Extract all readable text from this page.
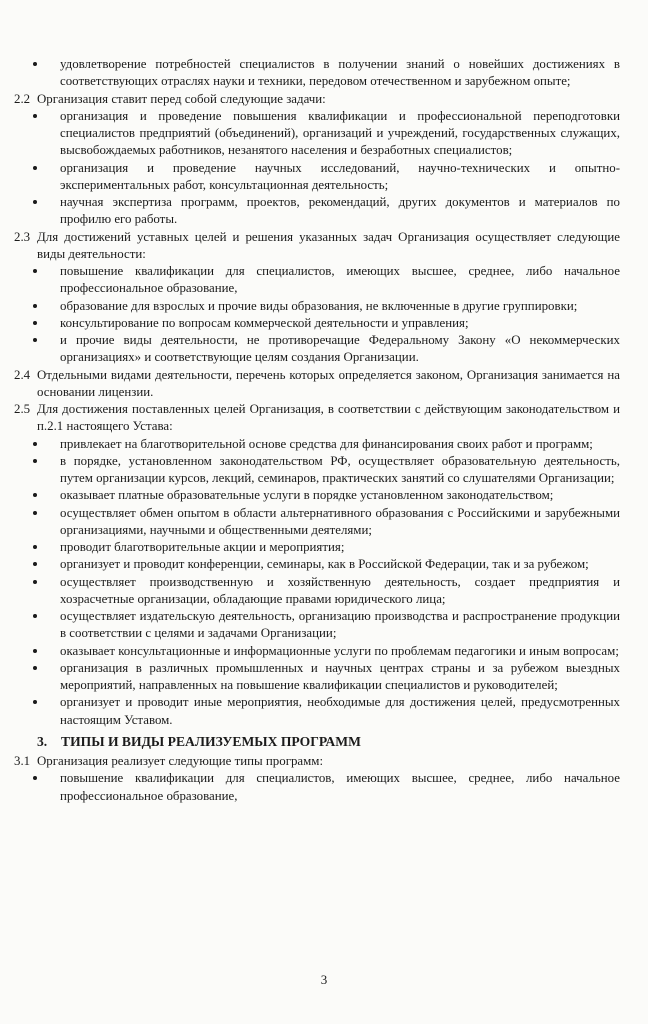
удовлетворение потребностей специалистов в получении знаний о новейших достижениях в соответствующих отраслях науки и техники, передовом отечественном и зарубежном опыте;
2.2 Организация ставит перед собой следующие задачи:
организация и проведение повышения квалификации и профессиональной переподготовки специалистов предприятий (объединений), организаций и учреждений, государственных служащих, высвобождаемых работников, незанятого населения и безработных специалистов;
организация и проведение научных исследований, научно-технических и опытно-экспериментальных работ, консультационная деятельность;
научная экспертиза программ, проектов, рекомендаций, других документов и материалов по профилю его работы.
2.3 Для достижений уставных целей и решения указанных задач Организация осуществляет следующие виды деятельности:
повышение квалификации для специалистов, имеющих высшее, среднее, либо начальное профессиональное образование,
образование для взрослых и прочие виды образования, не включенные в другие группировки;
консультирование по вопросам коммерческой деятельности и управления;
и прочие виды деятельности, не противоречащие Федеральному Закону «О некоммерческих организациях» и соответствующие целям создания Организации.
2.4 Отдельными видами деятельности, перечень которых определяется законом, Организация занимается на основании лицензии.
2.5 Для достижения поставленных целей Организация, в соответствии с действующим законодательством и п.2.1 настоящего Устава:
привлекает на благотворительной основе средства для финансирования своих работ и программ;
в порядке, установленном законодательством РФ, осуществляет образовательную деятельность, путем организации курсов, лекций, семинаров, практических занятий со слушателями Организации;
оказывает платные образовательные услуги в порядке установленном законодательством;
осуществляет обмен опытом в области альтернативного образования с Российскими и зарубежными организациями, научными и общественными деятелями;
проводит благотворительные акции и мероприятия;
организует и проводит конференции, семинары, как в Российской Федерации, так и за рубежом;
осуществляет производственную и хозяйственную деятельность, создает предприятия и хозрасчетные организации, обладающие правами юридического лица;
осуществляет издательскую деятельность, организацию производства и распространение продукции в соответствии с целями и задачами Организации;
оказывает консультационные и информационные услуги по проблемам педагогики и иным вопросам;
организация в различных промышленных и научных центрах страны и за рубежом выездных мероприятий, направленных на повышение квалификации специалистов и руководителей;
организует и проводит иные мероприятия, необходимые для достижения целей, предусмотренных настоящим Уставом.
3. ТИПЫ И ВИДЫ РЕАЛИЗУЕМЫХ ПРОГРАММ
3.1 Организация реализует следующие типы программ:
повышение квалификации для специалистов, имеющих высшее, среднее, либо начальное профессиональное образование,
3
